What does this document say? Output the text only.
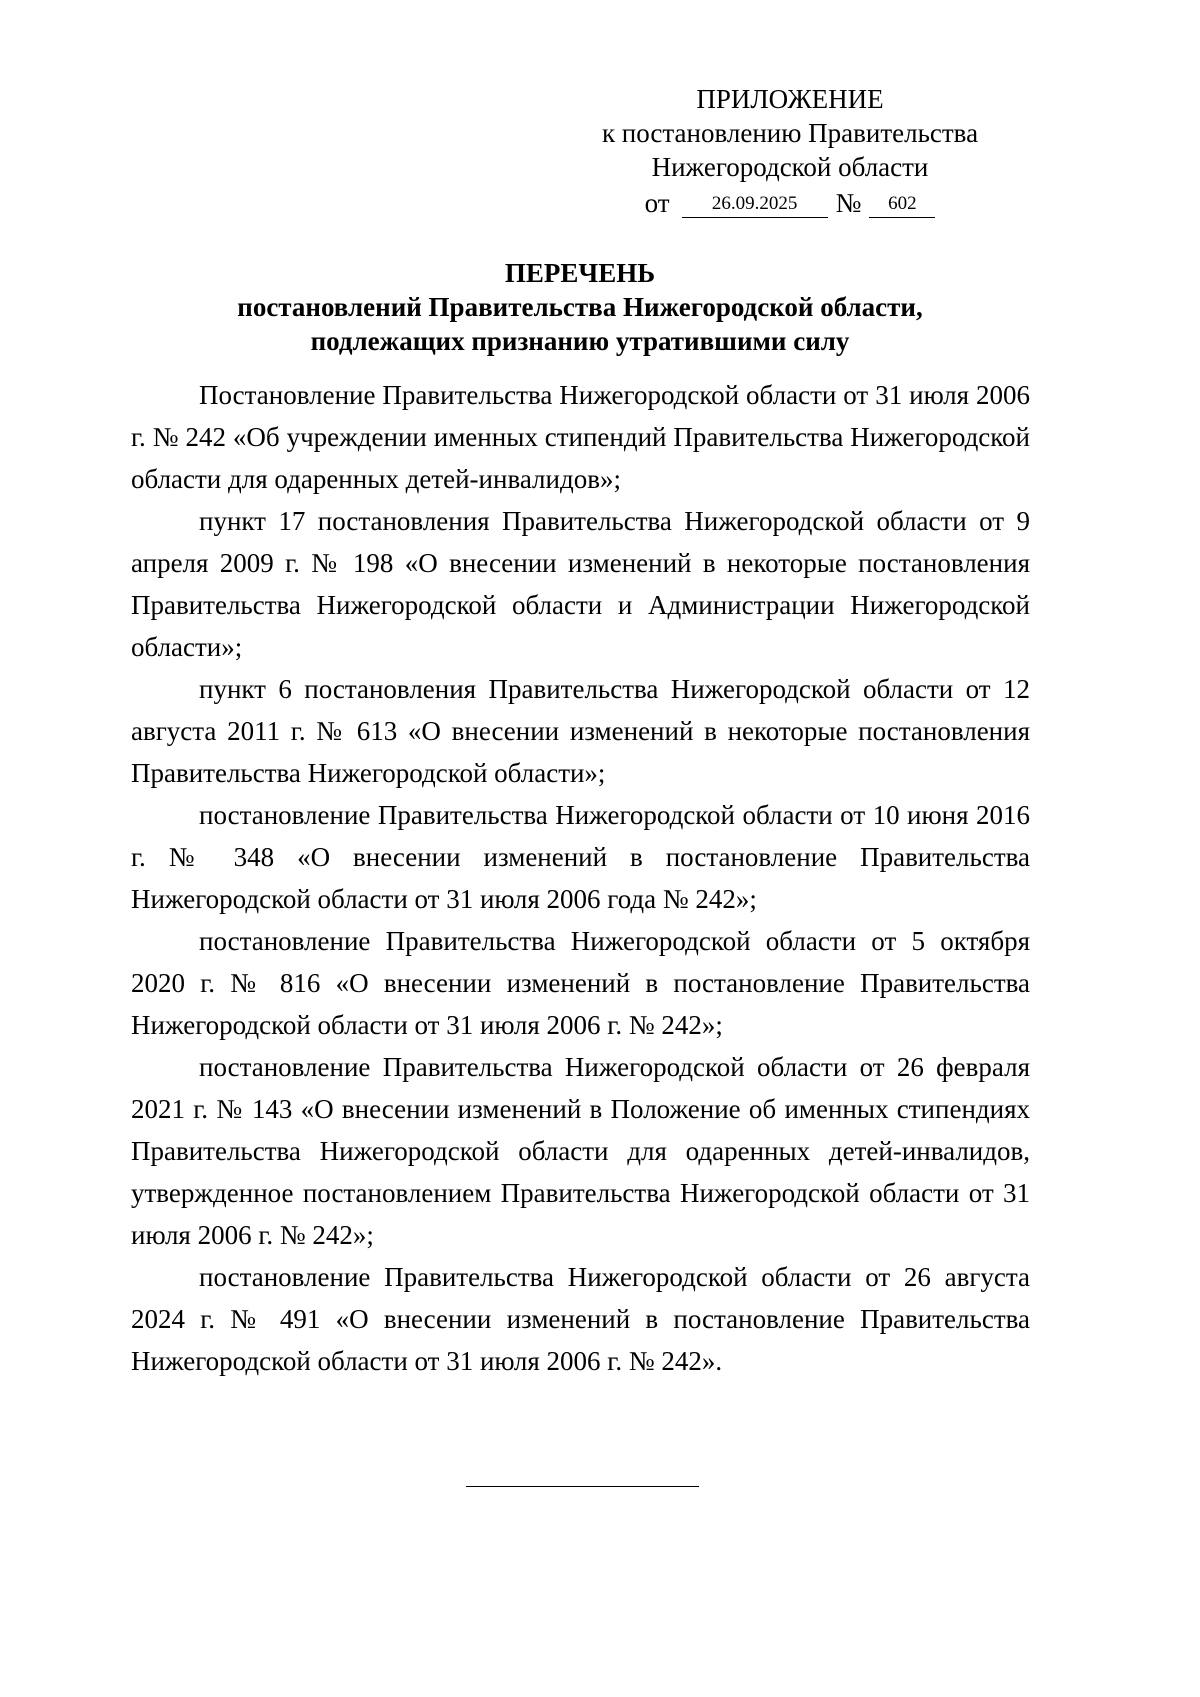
ПРИЛОЖЕНИЕ
к постановлению Правительства
Нижегородской области
от	26.09.2025	№	602
ПЕРЕЧЕНЬ
постановлений Правительства Нижегородской области,
подлежащих признанию утратившими силу

Постановление Правительства Нижегородской области от 31 июля 2006 г. № 242 «Об учреждении именных стипендий Правительства Нижегородской области для одаренных детей-инвалидов»;

пункт 17 постановления Правительства Нижегородской области от 9 апреля 2009 г. № 198 «О внесении изменений в некоторые постановления Правительства Нижегородской области и Администрации Нижегородской области»;

пункт 6 постановления Правительства Нижегородской области от 12 августа 2011 г. № 613 «О внесении изменений в некоторые постановления Правительства Нижегородской области»;

постановление Правительства Нижегородской области от 10 июня 2016 г. № 348 «О внесении изменений в постановление Правительства Нижегородской области от 31 июля 2006 года № 242»;

постановление Правительства Нижегородской области от 5 октября 2020 г. № 816 «О внесении изменений в постановление Правительства Нижегородской области от 31 июля 2006 г. № 242»;

постановление Правительства Нижегородской области от 26 февраля 2021 г. № 143 «О внесении изменений в Положение об именных стипендиях Правительства Нижегородской области для одаренных детей-инвалидов, утвержденное постановлением Правительства Нижегородской области от 31 июля 2006 г. № 242»;

постановление Правительства Нижегородской области от 26 августа 2024 г. № 491 «О внесении изменений в постановление Правительства Нижегородской области от 31 июля 2006 г. № 242».
